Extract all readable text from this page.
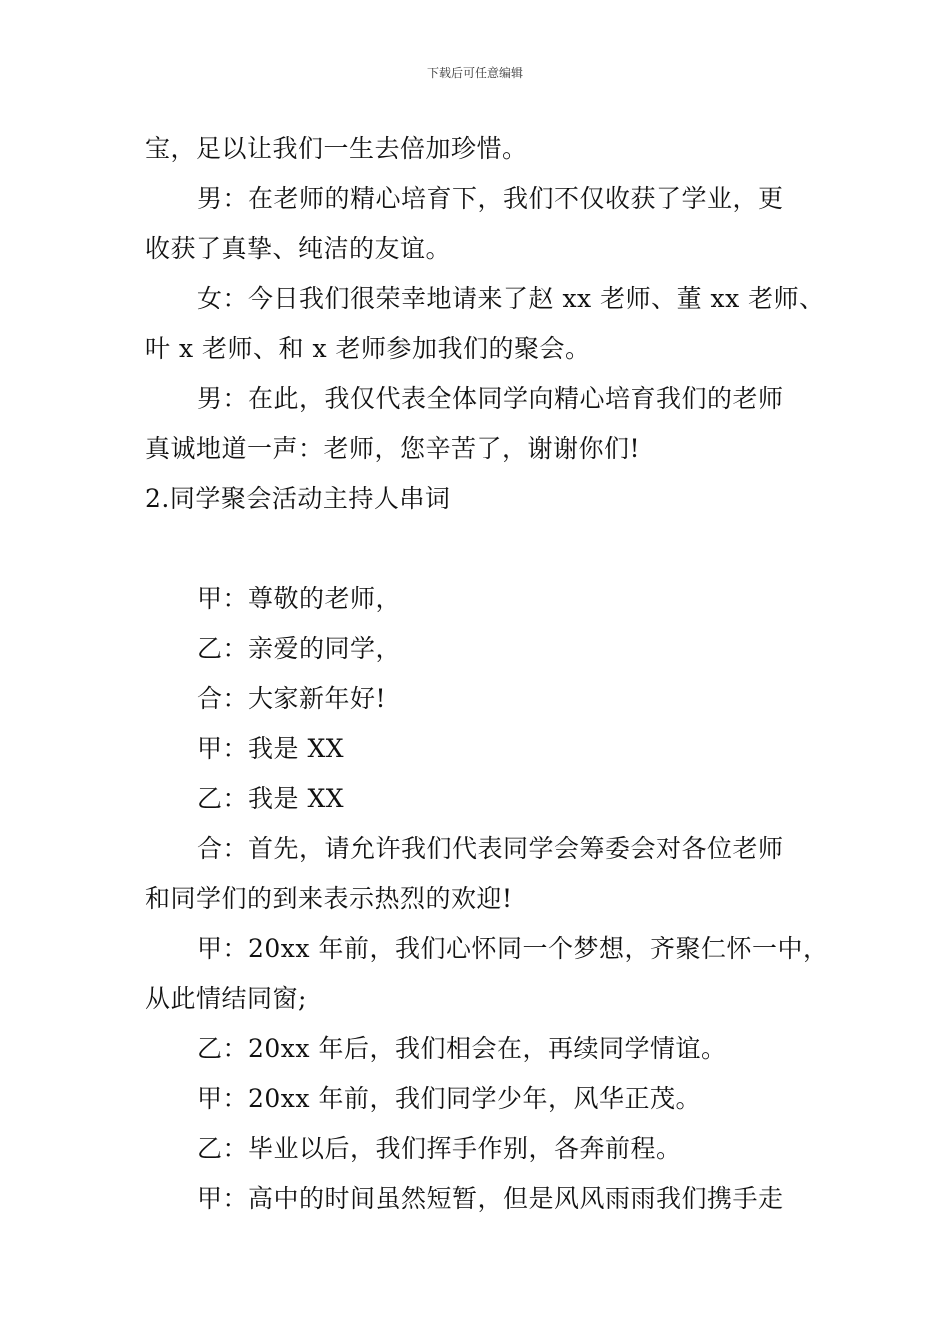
下载后可任意编辑
宝，足以让我们一生去倍加珍惜。
男：在老师的精心培育下，我们不仅收获了学业，更
收获了真挚、纯洁的友谊。
女：今日我们很荣幸地请来了赵 xx 老师、董 xx 老师、
叶 x 老师、和 x 老师参加我们的聚会。
男：在此，我仅代表全体同学向精心培育我们的老师
真诚地道一声：老师，您辛苦了，谢谢你们!
2.同学聚会活动主持人串词
甲：尊敬的老师，
乙：亲爱的同学，
合：大家新年好!
甲：我是 XX
乙：我是 XX
合：首先，请允许我们代表同学会筹委会对各位老师
和同学们的到来表示热烈的欢迎!
甲：20xx 年前，我们心怀同一个梦想，齐聚仁怀一中，
从此情结同窗;
乙：20xx 年后，我们相会在，再续同学情谊。
甲：20xx 年前，我们同学少年，风华正茂。
乙：毕业以后，我们挥手作别，各奔前程。
甲：高中的时间虽然短暂，但是风风雨雨我们携手走
